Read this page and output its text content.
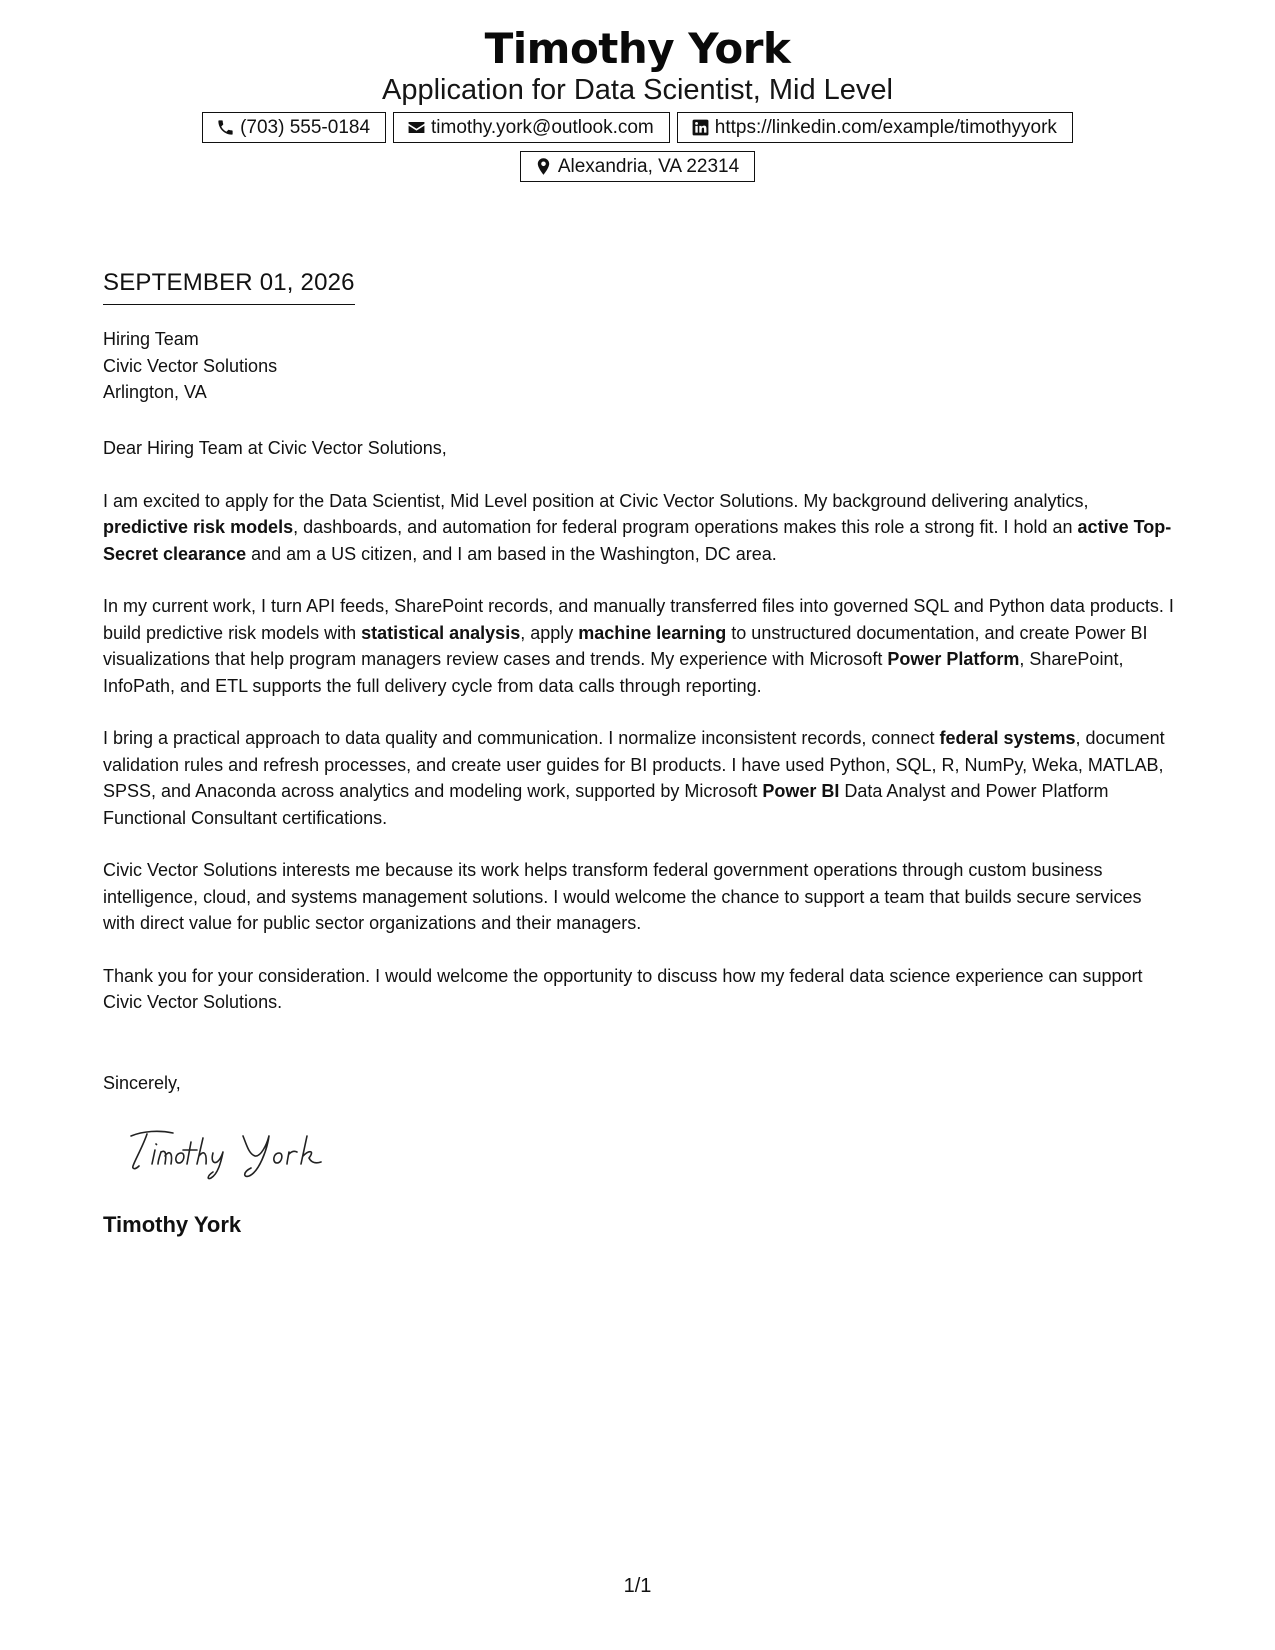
Timothy York
Application for Data Scientist, Mid Level
(703) 555-0184	timothy.york@outlook.com	https://linkedin.com/example/timothyyork
Alexandria, VA 22314
SEPTEMBER 01, 2026
Hiring Team
Civic Vector Solutions
Arlington, VA

Dear Hiring Team at Civic Vector Solutions,

I am excited to apply for the Data Scientist, Mid Level position at Civic Vector Solutions. My background delivering analytics, predictive risk models, dashboards, and automation for federal program operations makes this role a strong fit. I hold an active Top-Secret clearance and am a US citizen, and I am based in the Washington, DC area.

In my current work, I turn API feeds, SharePoint records, and manually transferred files into governed SQL and Python data products. I build predictive risk models with statistical analysis, apply machine learning to unstructured documentation, and create Power BI visualizations that help program managers review cases and trends. My experience with Microsoft Power Platform, SharePoint, InfoPath, and ETL supports the full delivery cycle from data calls through reporting.

I bring a practical approach to data quality and communication. I normalize inconsistent records, connect federal systems, document validation rules and refresh processes, and create user guides for BI products. I have used Python, SQL, R, NumPy, Weka, MATLAB, SPSS, and Anaconda across analytics and modeling work, supported by Microsoft Power BI Data Analyst and Power Platform Functional Consultant certifications.

Civic Vector Solutions interests me because its work helps transform federal government operations through custom business intelligence, cloud, and systems management solutions. I would welcome the chance to support a team that builds secure services with direct value for public sector organizations and their managers.

Thank you for your consideration. I would welcome the opportunity to discuss how my federal data science experience can support Civic Vector Solutions.

Sincerely,
Timothy York
1/1
